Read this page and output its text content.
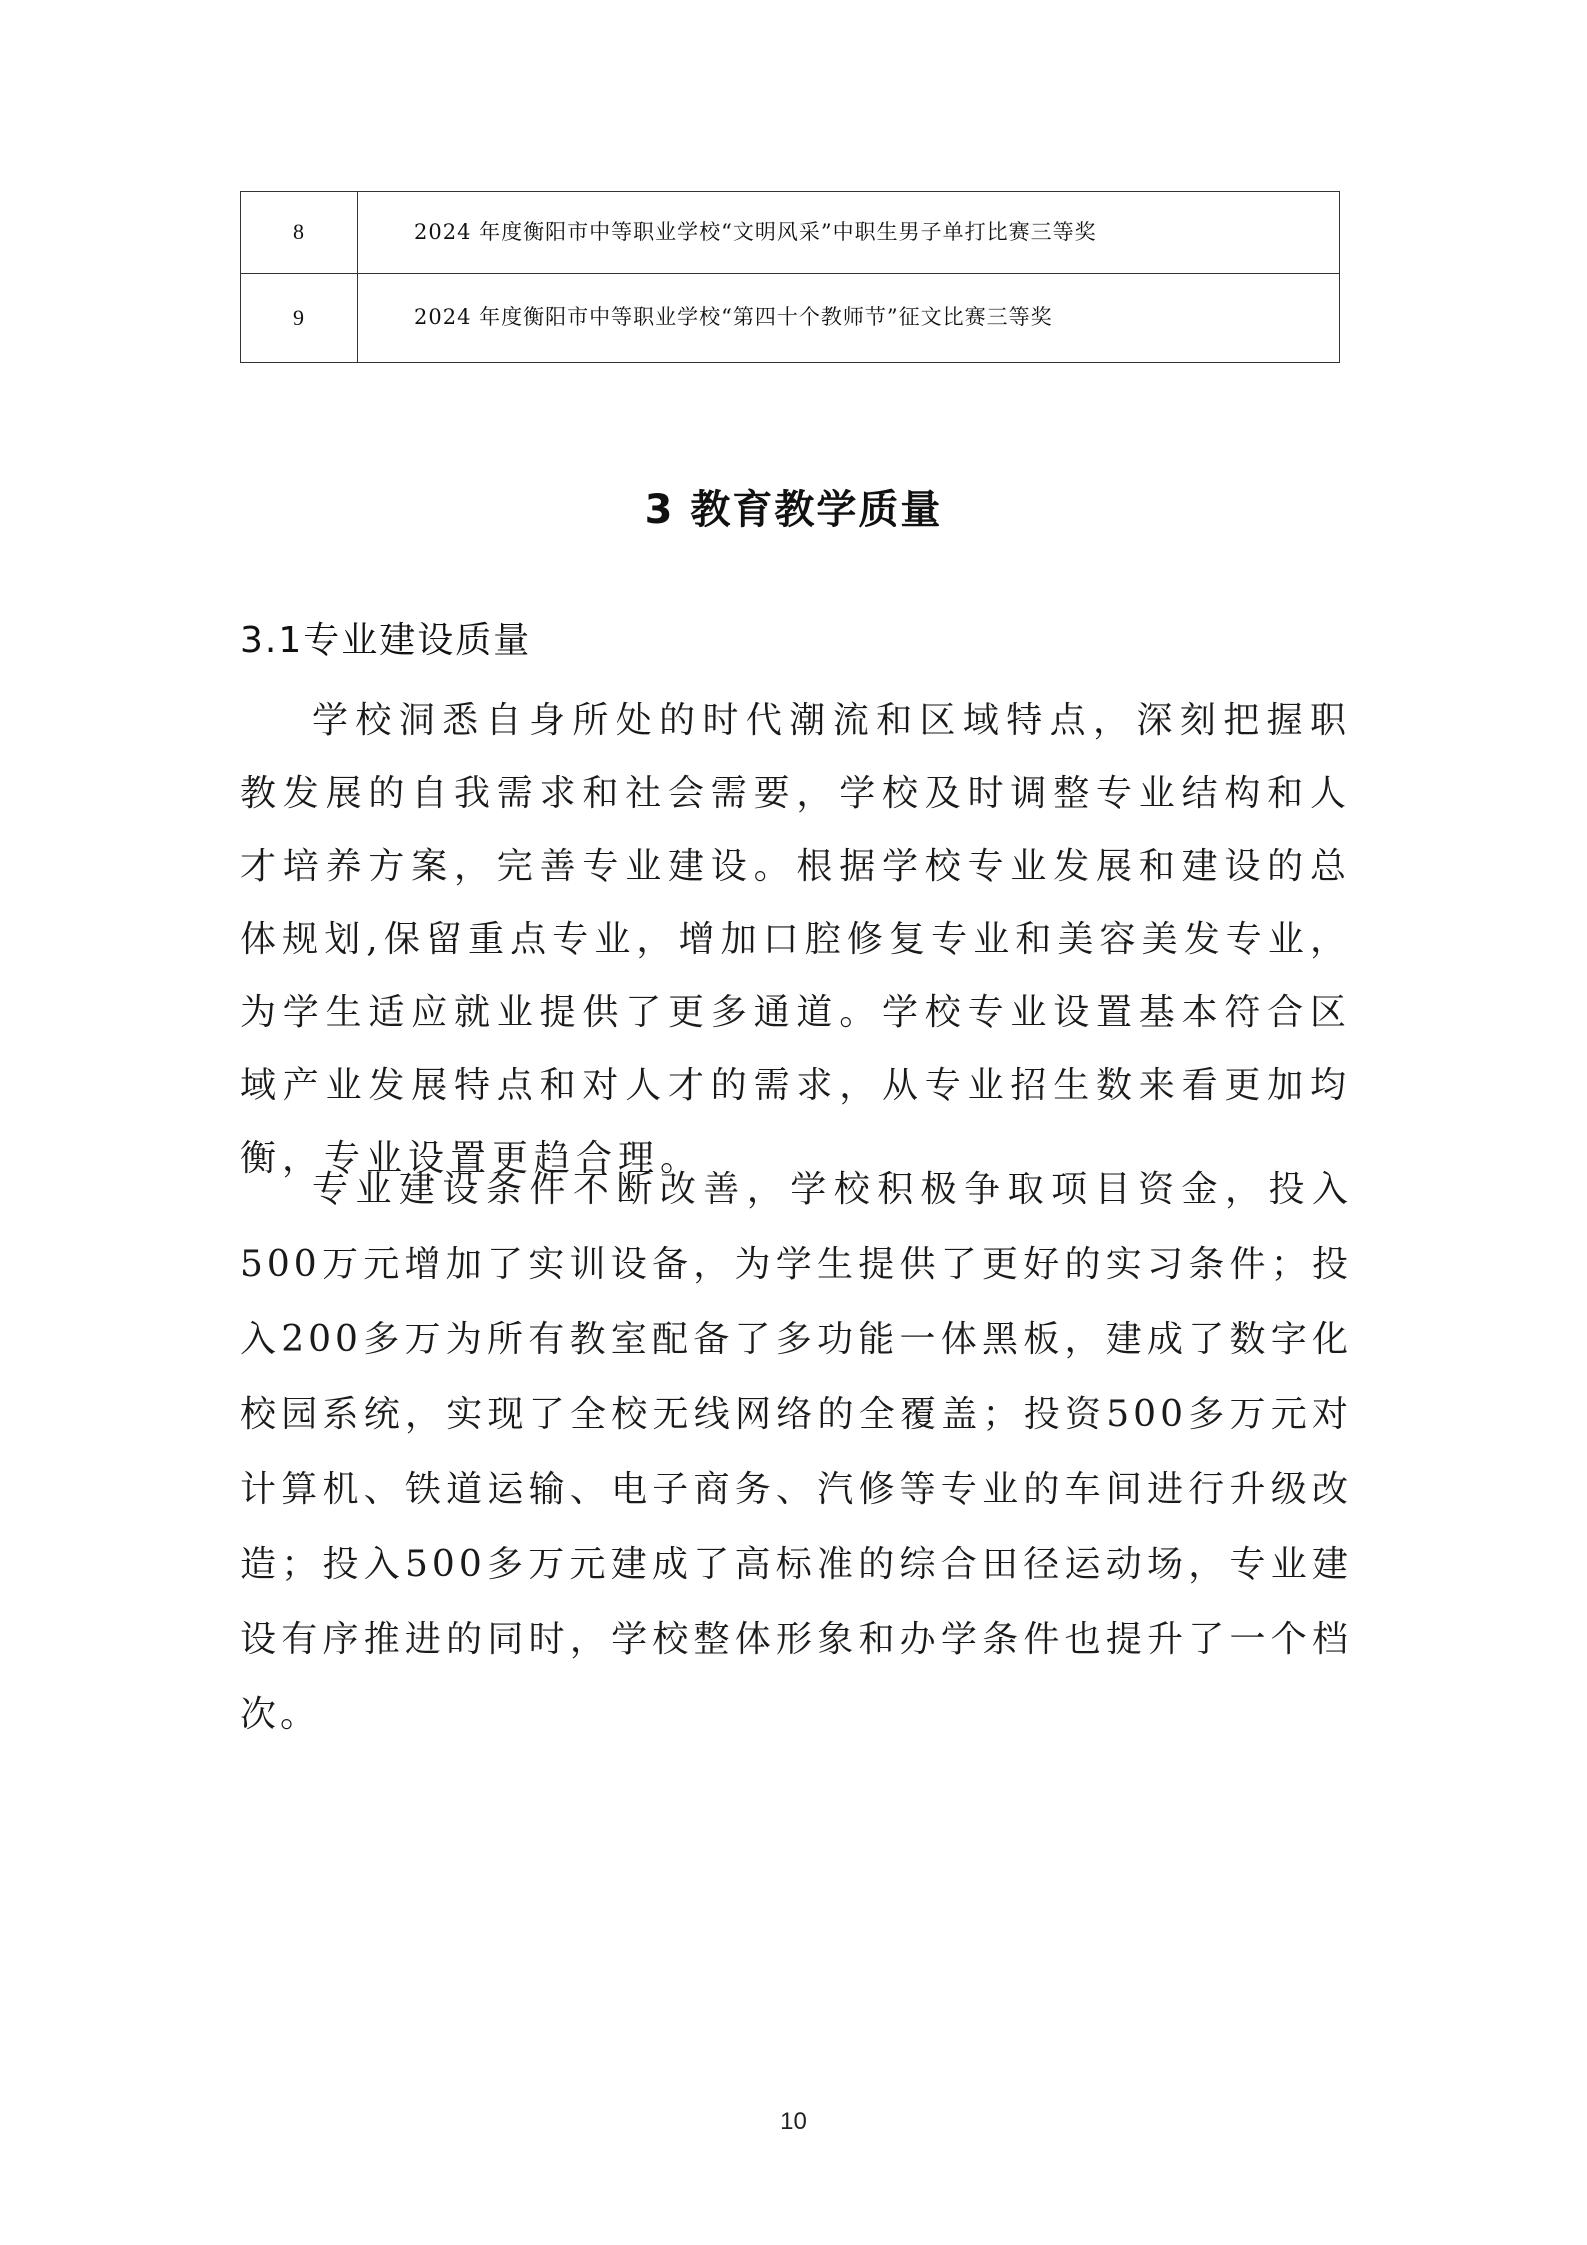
8	2024 年度衡阳市中等职业学校“文明风采”中职生男子单打比赛三等奖
9	2024 年度衡阳市中等职业学校“第四十个教师节”征文比赛三等奖
3 教育教学质量
3.1专业建设质量

学校洞悉自身所处的时代潮流和区域特点，深刻把握职教发展的自我需求和社会需要，学校及时调整专业结构和人才培养方案，完善专业建设。根据学校专业发展和建设的总体规划,保留重点专业，增加口腔修复专业和美容美发专业，为学生适应就业提供了更多通道。学校专业设置基本符合区域产业发展特点和对人才的需求，从专业招生数来看更加均衡，专业设置更趋合理。

专业建设条件不断改善，学校积极争取项目资金，投入500万元增加了实训设备，为学生提供了更好的实习条件；投入200多万为所有教室配备了多功能一体黑板，建成了数字化校园系统，实现了全校无线网络的全覆盖；投资500多万元对计算机、铁道运输、电子商务、汽修等专业的车间进行升级改造；投入500多万元建成了高标准的综合田径运动场，专业建设有序推进的同时，学校整体形象和办学条件也提升了一个档次。

10
